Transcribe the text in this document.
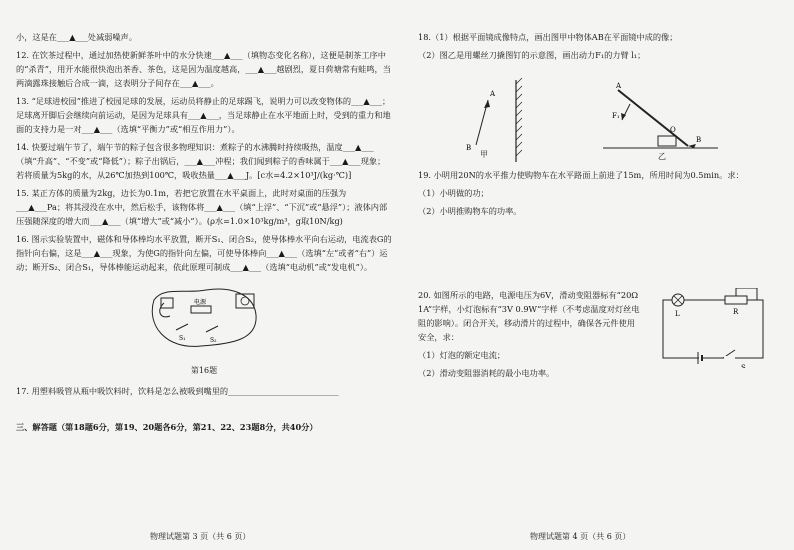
小，这是在___▲___处减弱噪声。

12. 在饮茶过程中，通过加热使新鲜茶叶中的水分快速___▲___（填物态变化名称），这便是制茶工序中的“杀青”，用开水能很快泡出茶香、茶色，这是因为温度越高，___▲___越剧烈，夏日荷塘常有蛙鸣，当两滴露珠接触后合成一滴，这表明分子间存在___▲___。

13. “足球进校园”推进了校园足球的发展，运动员将静止的足球踢飞，说明力可以改变物体的___▲___；足球离开脚后会继续向前运动，是因为足球具有___▲___，当足球静止在水平地面上时，受到的重力和地面的支持力是一对___▲___（选填“平衡力”或“相互作用力”）。

14. 快要过端午节了，端午节的粽子包含很多物理知识：煮粽子的水沸腾时持续吸热，温度___▲___（填“升高”、“不变”或“降低”）；粽子出锅后，___▲___冲程；我们闻到粽子的香味属于___▲___现象；若将质量为5kg的水，从26℃加热到100℃，吸收热量___▲___J。[c水=4.2×10³J/(kg·℃)]

15. 某正方体的质量为2kg，边长为0.1m，若把它放置在水平桌面上，此时对桌面的压强为___▲___Pa；将其浸没在水中，然后松手，该物体将___▲___（填“上浮”、“下沉”或“悬浮”）；液体内部压强随深度的增大而___▲___（填“增大”或“减小”）。(ρ水=1.0×10³kg/m³，g取10N/kg)

16. 图示实验装置中，磁体和导体棒均水平放置，断开S₁、闭合S₂，使导体棒水平向右运动，电流表G的指针向右偏，这是___▲___现象，为使G的指针向左偏，可使导体棒向___▲___（选填“左”或者“右”）运动；断开S₂、闭合S₁，导体棒能运动起来，依此原理可制成___▲___（选填“电动机”或“发电机”）。

电源
S₁	S₂
第16题

17. 用塑料吸管从瓶中吸饮料时，饮料是怎么被吸到嘴里的___________________________

三、解答题（第18题6分，第19、20题各6分，第21、22、23题8分，共40分）

18.（1）根据平面镜成像特点，画出图甲中物体AB在平面镜中成的像；

（2）图乙是用螺丝刀撬图钉的示意图，画出动力F₁的力臂 l₁；

A
B
A
F₁
O
B
甲	乙

19. 小明用20N的水平推力使购物车在水平路面上前进了15m，所用时间为0.5min。求：

（1）小明做的功；

（2）小明推购物车的功率。

20. 如图所示的电路，电源电压为6V，滑动变阻器标有“20Ω 1A”字样，小灯泡标有“3V 0.9W”字样（不考虑温度对灯丝电阻的影响）。闭合开关，移动滑片的过程中，确保各元件使用安全，求：

（1）灯泡的额定电流；

（2）滑动变阻器消耗的最小电功率。

L	R
S
物理试题第 3 页（共 6 页）	物理试题第 4 页（共 6 页）
